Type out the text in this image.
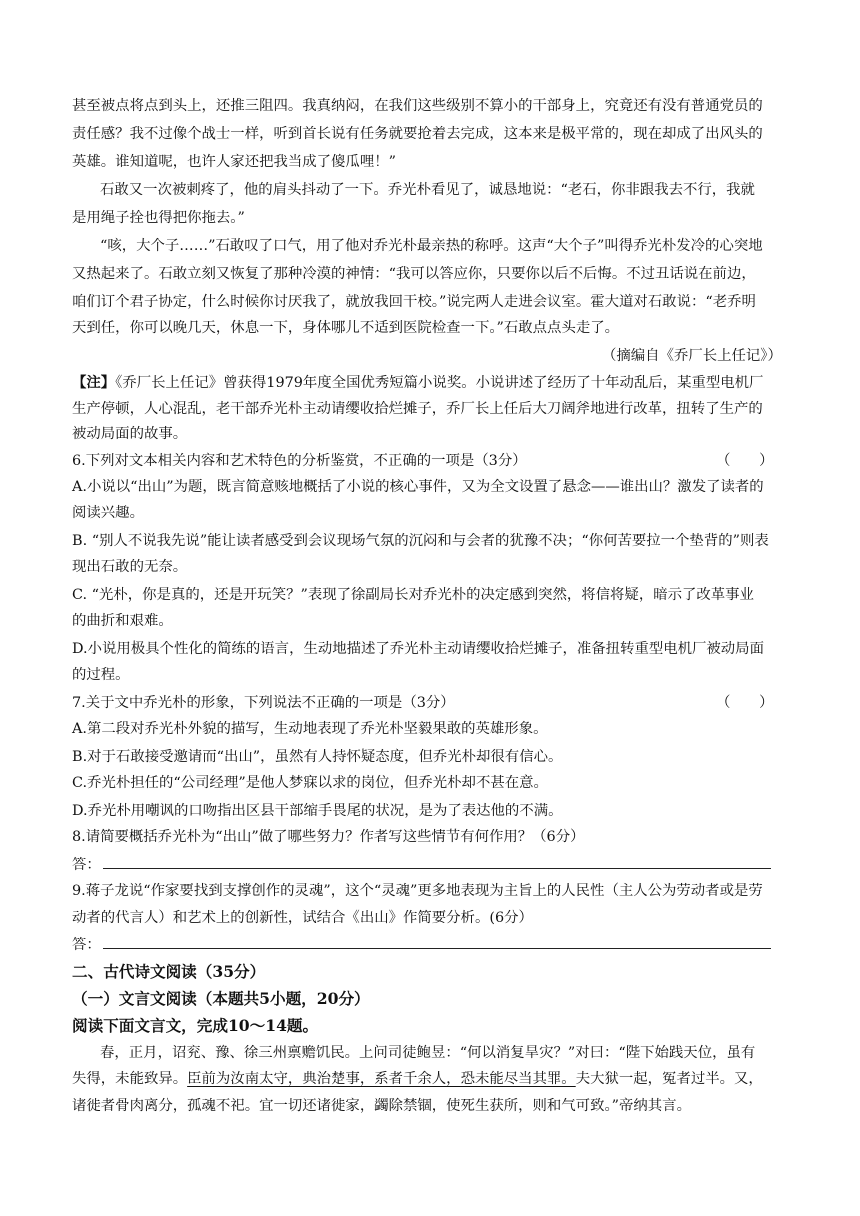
甚至被点将点到头上，还推三阻四。我真纳闷，在我们这些级别不算小的干部身上，究竟还有没有普通党员的
责任感？我不过像个战士一样，听到首长说有任务就要抢着去完成，这本来是极平常的，现在却成了出风头的
英雄。谁知道呢，也许人家还把我当成了傻瓜哩！”
石敢又一次被刺疼了，他的肩头抖动了一下。乔光朴看见了，诚恳地说：“老石，你非跟我去不行，我就
是用绳子拴也得把你拖去。”
“咳，大个子……”石敢叹了口气，用了他对乔光朴最亲热的称呼。这声“大个子”叫得乔光朴发冷的心突地
又热起来了。石敢立刻又恢复了那种冷漠的神情：“我可以答应你，只要你以后不后悔。不过丑话说在前边，
咱们订个君子协定，什么时候你讨厌我了，就放我回干校。”说完两人走进会议室。霍大道对石敢说：“老乔明
天到任，你可以晚几天，休息一下，身体哪儿不适到医院检查一下。”石敢点点头走了。
（摘编自《乔厂长上任记》）
【注】《乔厂长上任记》曾获得1979年度全国优秀短篇小说奖。小说讲述了经历了十年动乱后，某重型电机厂
生产停顿，人心混乱，老干部乔光朴主动请缨收拾烂摊子，乔厂长上任后大刀阔斧地进行改革，扭转了生产的
被动局面的故事。
6.下列对文本相关内容和艺术特色的分析鉴赏，不正确的一项是（3分）	（　　）
A.小说以“出山”为题，既言简意赅地概括了小说的核心事件，又为全文设置了悬念——谁出山？激发了读者的
阅读兴趣。
B. “别人不说我先说”能让读者感受到会议现场气氛的沉闷和与会者的犹豫不决；“你何苦要拉一个垫背的”则表
现出石敢的无奈。
C. “光朴，你是真的，还是开玩笑？”表现了徐副局长对乔光朴的决定感到突然，将信将疑，暗示了改革事业
的曲折和艰难。
D.小说用极具个性化的简练的语言，生动地描述了乔光朴主动请缨收拾烂摊子，准备扭转重型电机厂被动局面
的过程。
7.关于文中乔光朴的形象，下列说法不正确的一项是（3分）	（　　）
A.第二段对乔光朴外貌的描写，生动地表现了乔光朴坚毅果敢的英雄形象。
B.对于石敢接受邀请而“出山”，虽然有人持怀疑态度，但乔光朴却很有信心。
C.乔光朴担任的“公司经理”是他人梦寐以求的岗位，但乔光朴却不甚在意。
D.乔光朴用嘲讽的口吻指出区县干部缩手畏尾的状况，是为了表达他的不满。
8.请简要概括乔光朴为“出山”做了哪些努力？作者写这些情节有何作用？（6分）
答：
9.蒋子龙说“作家要找到支撑创作的灵魂”，这个“灵魂”更多地表现为主旨上的人民性（主人公为劳动者或是劳
动者的代言人）和艺术上的创新性，试结合《出山》作简要分析。(6分）
答：
二、古代诗文阅读（35分）
（一）文言文阅读（本题共5小题，20分）
阅读下面文言文，完成10～14题。
春，正月，诏兖、豫、徐三州禀赡饥民。上问司徒鲍昱：“何以消复旱灾？”对曰：“陛下始践天位，虽有
失得，未能致异。臣前为汝南太守，典治楚事，系者千余人，恐未能尽当其罪。夫大狱一起，冤者过半。又，
诸徙者骨肉离分，孤魂不祀。宜一切还诸徙家，蠲除禁锢，使死生获所，则和气可致。”帝纳其言。
